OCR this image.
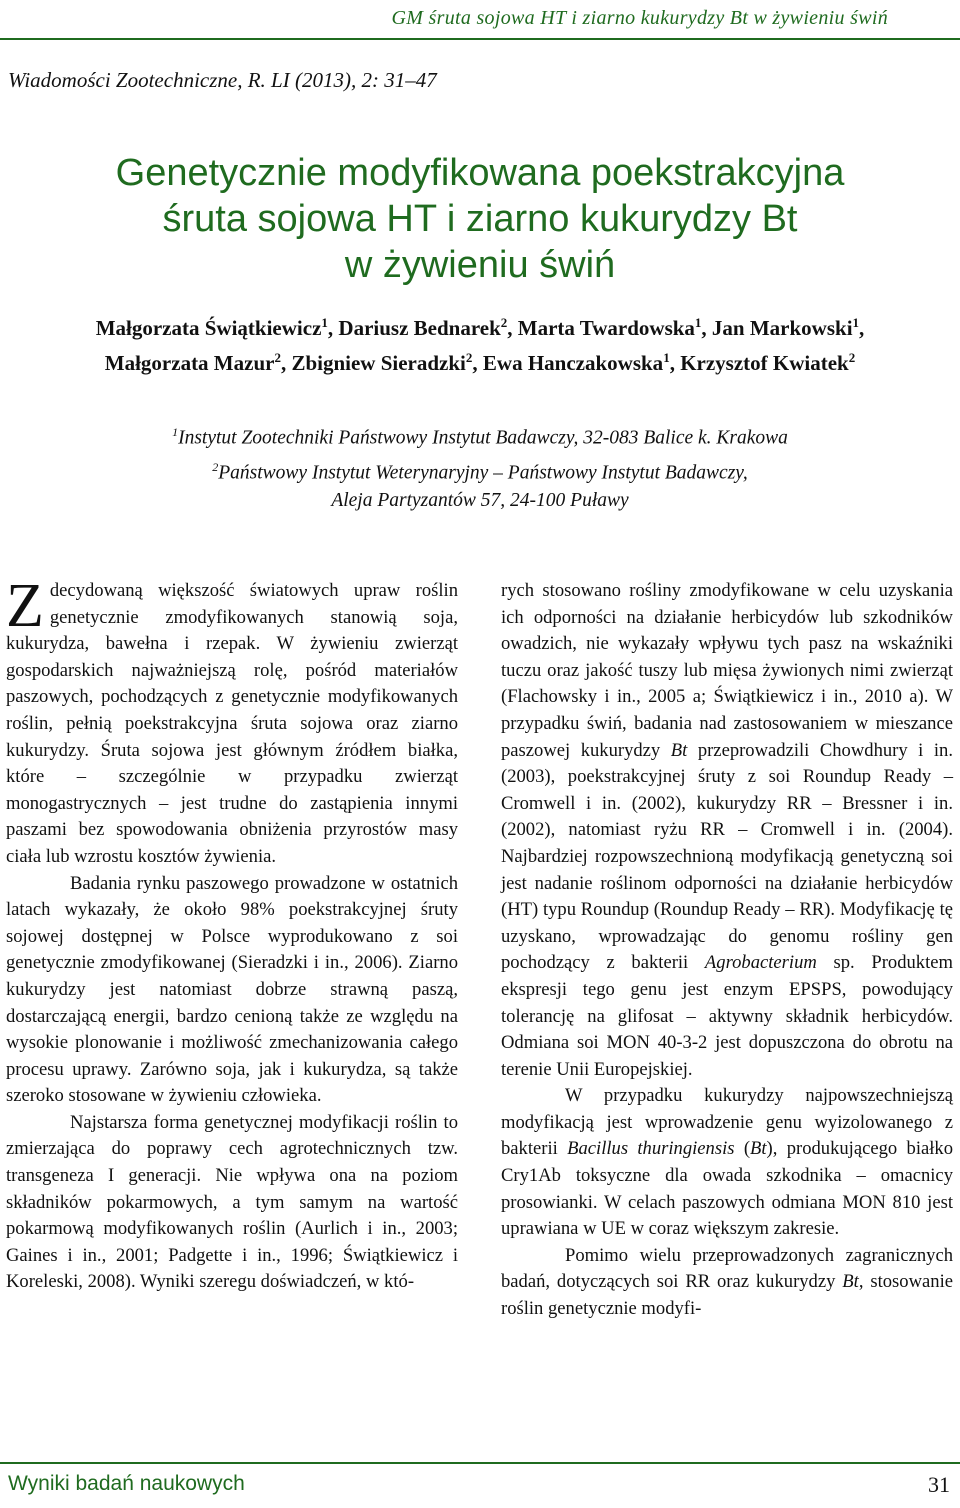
GM śruta sojowa HT i ziarno kukurydzy Bt w żywieniu świń
Wiadomości Zootechniczne, R. LI (2013), 2: 31–47
Genetycznie modyfikowana poekstrakcyjna
śruta sojowa HT i ziarno kukurydzy Bt
w żywieniu świń
Małgorzata Świątkiewicz$^1$, Dariusz Bednarek$^2$, Marta Twardowska$^1$, Jan Markowski$^1$,
Małgorzata Mazur$^2$, Zbigniew Sieradzki$^2$, Ewa Hanczakowska$^1$, Krzysztof Kwiatek$^2$
$^1$Instytut Zootechniki Państwowy Instytut Badawczy, 32-083 Balice k. Krakowa
$^2$Państwowy Instytut Weterynaryjny – Państwowy Instytut Badawczy,
Aleja Partyzantów 57, 24-100 Puławy

Zdecydowaną większość światowych upraw roślin genetycznie zmodyfikowanych stanowią soja, kukurydza, bawełna i rzepak. W żywieniu zwierząt gospodarskich najważniejszą rolę, pośród materiałów paszowych, pochodzących z genetycznie modyfikowanych roślin, pełnią poekstrakcyjna śruta sojowa oraz ziarno kukurydzy. Śruta sojowa jest głównym źródłem białka, które – szczególnie w przypadku zwierząt monogastrycznych – jest trudne do zastąpienia innymi paszami bez spowodowania obniżenia przyrostów masy ciała lub wzrostu kosztów żywienia.

Badania rynku paszowego prowadzone w ostatnich latach wykazały, że około 98% poekstrakcyjnej śruty sojowej dostępnej w Polsce wyprodukowano z soi genetycznie zmodyfikowanej (Sieradzki i in., 2006). Ziarno kukurydzy jest natomiast dobrze strawną paszą, dostarczającą energii, bardzo cenioną także ze względu na wysokie plonowanie i możliwość zmechanizowania całego procesu uprawy. Zarówno soja, jak i kukurydza, są także szeroko stosowane w żywieniu człowieka.

Najstarsza forma genetycznej modyfikacji roślin to zmierzająca do poprawy cech agrotechnicznych tzw. transgeneza I generacji. Nie wpływa ona na poziom składników pokarmowych, a tym samym na wartość pokarmową modyfikowanych roślin (Aurlich i in., 2003; Gaines i in., 2001; Padgette i in., 1996; Świątkiewicz i Koreleski, 2008). Wyniki szeregu doświadczeń, w któ-

rych stosowano rośliny zmodyfikowane w celu uzyskania ich odporności na działanie herbicydów lub szkodników owadzich, nie wykazały wpływu tych pasz na wskaźniki tuczu oraz jakość tuszy lub mięsa żywionych nimi zwierząt (Flachowsky i in., 2005 a; Świątkiewicz i in., 2010 a). W przypadku świń, badania nad zastosowaniem w mieszance paszowej kukurydzy Bt przeprowadzili Chowdhury i in. (2003), poekstrakcyjnej śruty z soi Roundup Ready – Cromwell i in. (2002), kukurydzy RR – Bressner i in. (2002), natomiast ryżu RR – Cromwell i in. (2004). Najbardziej rozpowszechnioną modyfikacją genetyczną soi jest nadanie roślinom odporności na działanie herbicydów (HT) typu Roundup (Roundup Ready – RR). Modyfikację tę uzyskano, wprowadzając do genomu rośliny gen pochodzący z bakterii Agrobacterium sp. Produktem ekspresji tego genu jest enzym EPSPS, powodujący tolerancję na glifosat – aktywny składnik herbicydów. Odmiana soi MON 40-3-2 jest dopuszczona do obrotu na terenie Unii Europejskiej.

W przypadku kukurydzy najpowszechniejszą modyfikacją jest wprowadzenie genu wyizolowanego z bakterii Bacillus thuringiensis (Bt), produkującego białko Cry1Ab toksyczne dla owada szkodnika – omacnicy prosowianki. W celach paszowych odmiana MON 810 jest uprawiana w UE w coraz większym zakresie.

Pomimo wielu przeprowadzonych zagranicznych badań, dotyczących soi RR oraz kukurydzy Bt, stosowanie roślin genetycznie modyfi-

Wyniki badań naukowych	31
